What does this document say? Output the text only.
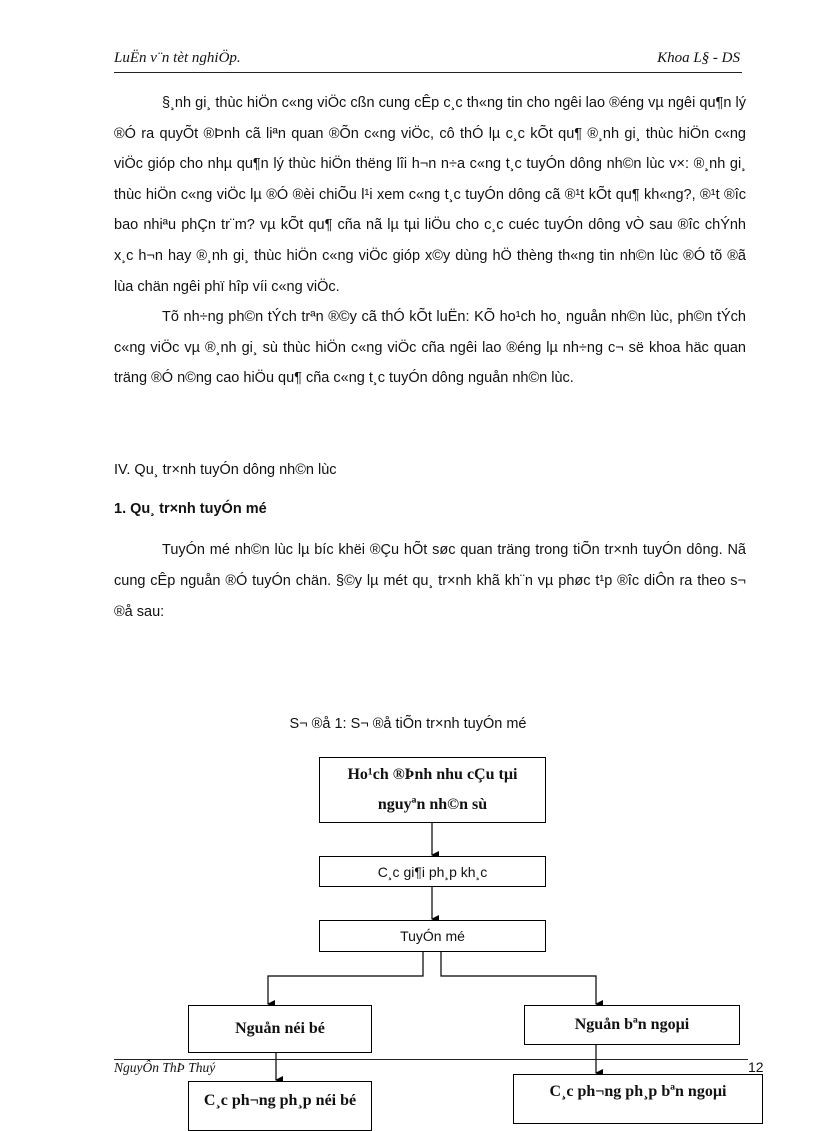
LuËn v¨n tèt nghiÖp.	Khoa L§ - DS

§¸nh gi¸ thùc hiÖn c«ng viÖc cßn cung cÊp c¸c th«ng tin cho ngêi lao ®éng vµ ngêi qu¶n lý ®Ó ra quyÕt ®Þnh cã liªn quan ®Õn c«ng viÖc, cô thÓ lµ c¸c kÕt qu¶ ®¸nh gi¸ thùc hiÖn c«ng viÖc gióp cho nhµ qu¶n lý thùc hiÖn thëng lîi h¬n n÷a c«ng t¸c tuyÓn dông nh©n lùc v×: ®¸nh gi¸ thùc hiÖn c«ng viÖc lµ ®Ó ®èi chiÕu l¹i xem c«ng t¸c tuyÓn dông cã ®¹t kÕt qu¶ kh«ng?, ®¹t ®îc bao nhiªu phÇn tr¨m? vµ kÕt qu¶ cña nã lµ tµi liÖu cho c¸c cuéc tuyÓn dông vÒ sau ®îc chÝnh x¸c h¬n hay ®¸nh gi¸ thùc hiÖn c«ng viÖc gióp x©y dùng hÖ thèng th«ng tin nh©n lùc ®Ó tõ ®ã lùa chän ngêi phï hîp víi c«ng viÖc.

Tõ nh÷ng ph©n tÝch trªn ®©y cã thÓ kÕt luËn: KÕ ho¹ch ho¸ nguån nh©n lùc, ph©n tÝch c«ng viÖc vµ ®¸nh gi¸ sù thùc hiÖn c«ng viÖc cña ngêi lao ®éng lµ nh÷ng c¬ së khoa häc quan träng ®Ó n©ng cao hiÖu qu¶ cña c«ng t¸c tuyÓn dông nguån nh©n lùc.

IV. Qu¸ tr×nh tuyÓn dông nh©n lùc
1. Qu¸ tr×nh tuyÓn mé

TuyÓn mé nh©n lùc lµ bíc khëi ®Çu hÕt søc quan träng trong tiÕn tr×nh tuyÓn dông. Nã cung cÊp nguån ®Ó tuyÓn chän. §©y lµ mét qu¸ tr×nh khã kh¨n vµ phøc t¹p ®îc diÔn ra theo s¬ ®å sau:

S¬ ®å 1: S¬ ®å tiÕn tr×nh tuyÓn mé
Ho¹ch ®Þnh nhu cÇu tµi nguyªn nh©n sù
C¸c gi¶i ph¸p kh¸c
TuyÓn mé
Nguån néi bé	Nguån bªn ngoµi
C¸c ph¬ng ph¸p néi bé
C¸c ph¬ng ph¸p bªn ngoµi
NguyÔn ThÞ Thuý	12
